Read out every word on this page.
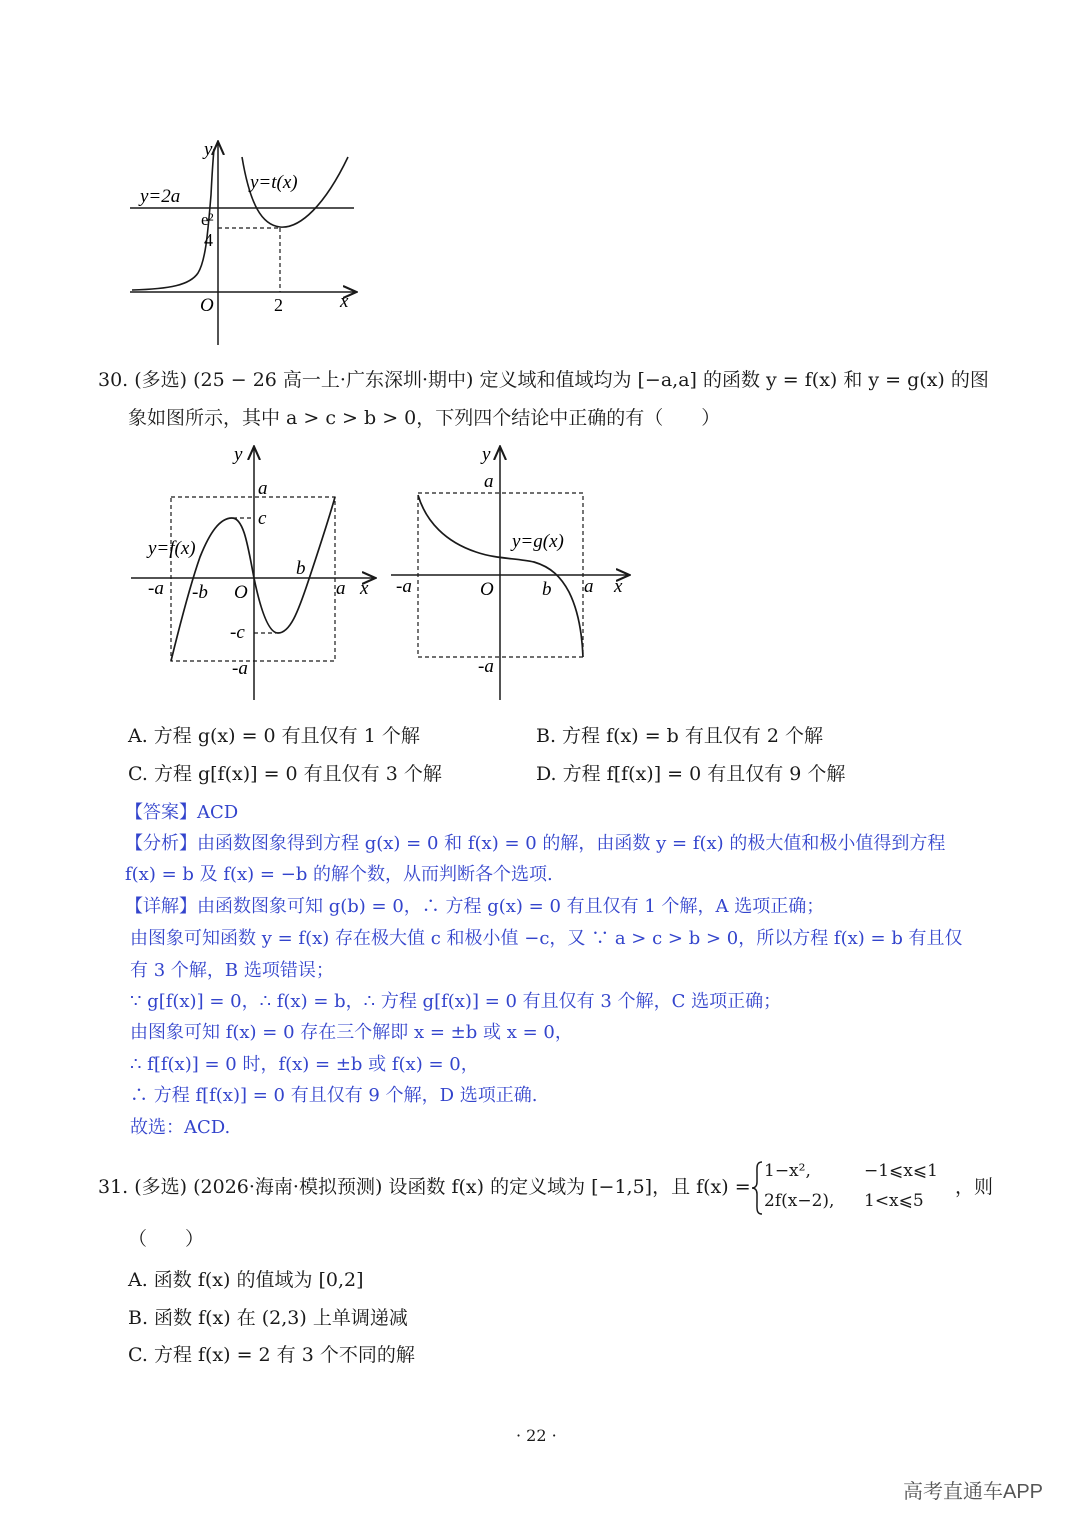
y
x
O
y=2a
y=t(x)
e²
4
2
30. (多选) (25 − 26 高一上·广东深圳·期中) 定义域和值域均为 [−a,a] 的函数 y = f(x) 和 y = g(x) 的图
象如图所示，其中 a > c > b > 0，下列四个结论中正确的有（　　）
y
x
a
c
y=f(x)
b
-a -b O	a
-c
-a
y
x
a
y=g(x)
-a	O	b a
-a
A. 方程 g(x) = 0 有且仅有 1 个解	B. 方程 f(x) = b 有且仅有 2 个解
C. 方程 g[f(x)] = 0 有且仅有 3 个解	D. 方程 f[f(x)] = 0 有且仅有 9 个解
【答案】ACD
【分析】由函数图象得到方程 g(x) = 0 和 f(x) = 0 的解，由函数 y = f(x) 的极大值和极小值得到方程
f(x) = b 及 f(x) = −b 的解个数，从而判断各个选项.
【详解】由函数图象可知 g(b) = 0，∴ 方程 g(x) = 0 有且仅有 1 个解，A 选项正确；
由图象可知函数 y = f(x) 存在极大值 c 和极小值 −c，又 ∵ a > c > b > 0，所以方程 f(x) = b 有且仅
有 3 个解，B 选项错误；
∵ g[f(x)] = 0，∴ f(x) = b，∴ 方程 g[f(x)] = 0 有且仅有 3 个解，C 选项正确；
由图象可知 f(x) = 0 存在三个解即 x = ±b 或 x = 0，
∴ f[f(x)] = 0 时，f(x) = ±b 或 f(x) = 0，
∴ 方程 f[f(x)] = 0 有且仅有 9 个解，D 选项正确.
故选：ACD.
31. (多选) (2026·海南·模拟预测) 设函数 f(x) 的定义域为 [−1,5]，且 f(x) =
1−x²,	−1⩽x⩽1
2f(x−2), 1<x⩽5
，则
（　　）
A. 函数 f(x) 的值域为 [0,2]
B. 函数 f(x) 在 (2,3) 上单调递减
C. 方程 f(x) = 2 有 3 个不同的解
· 22 ·
高考直通车APP
